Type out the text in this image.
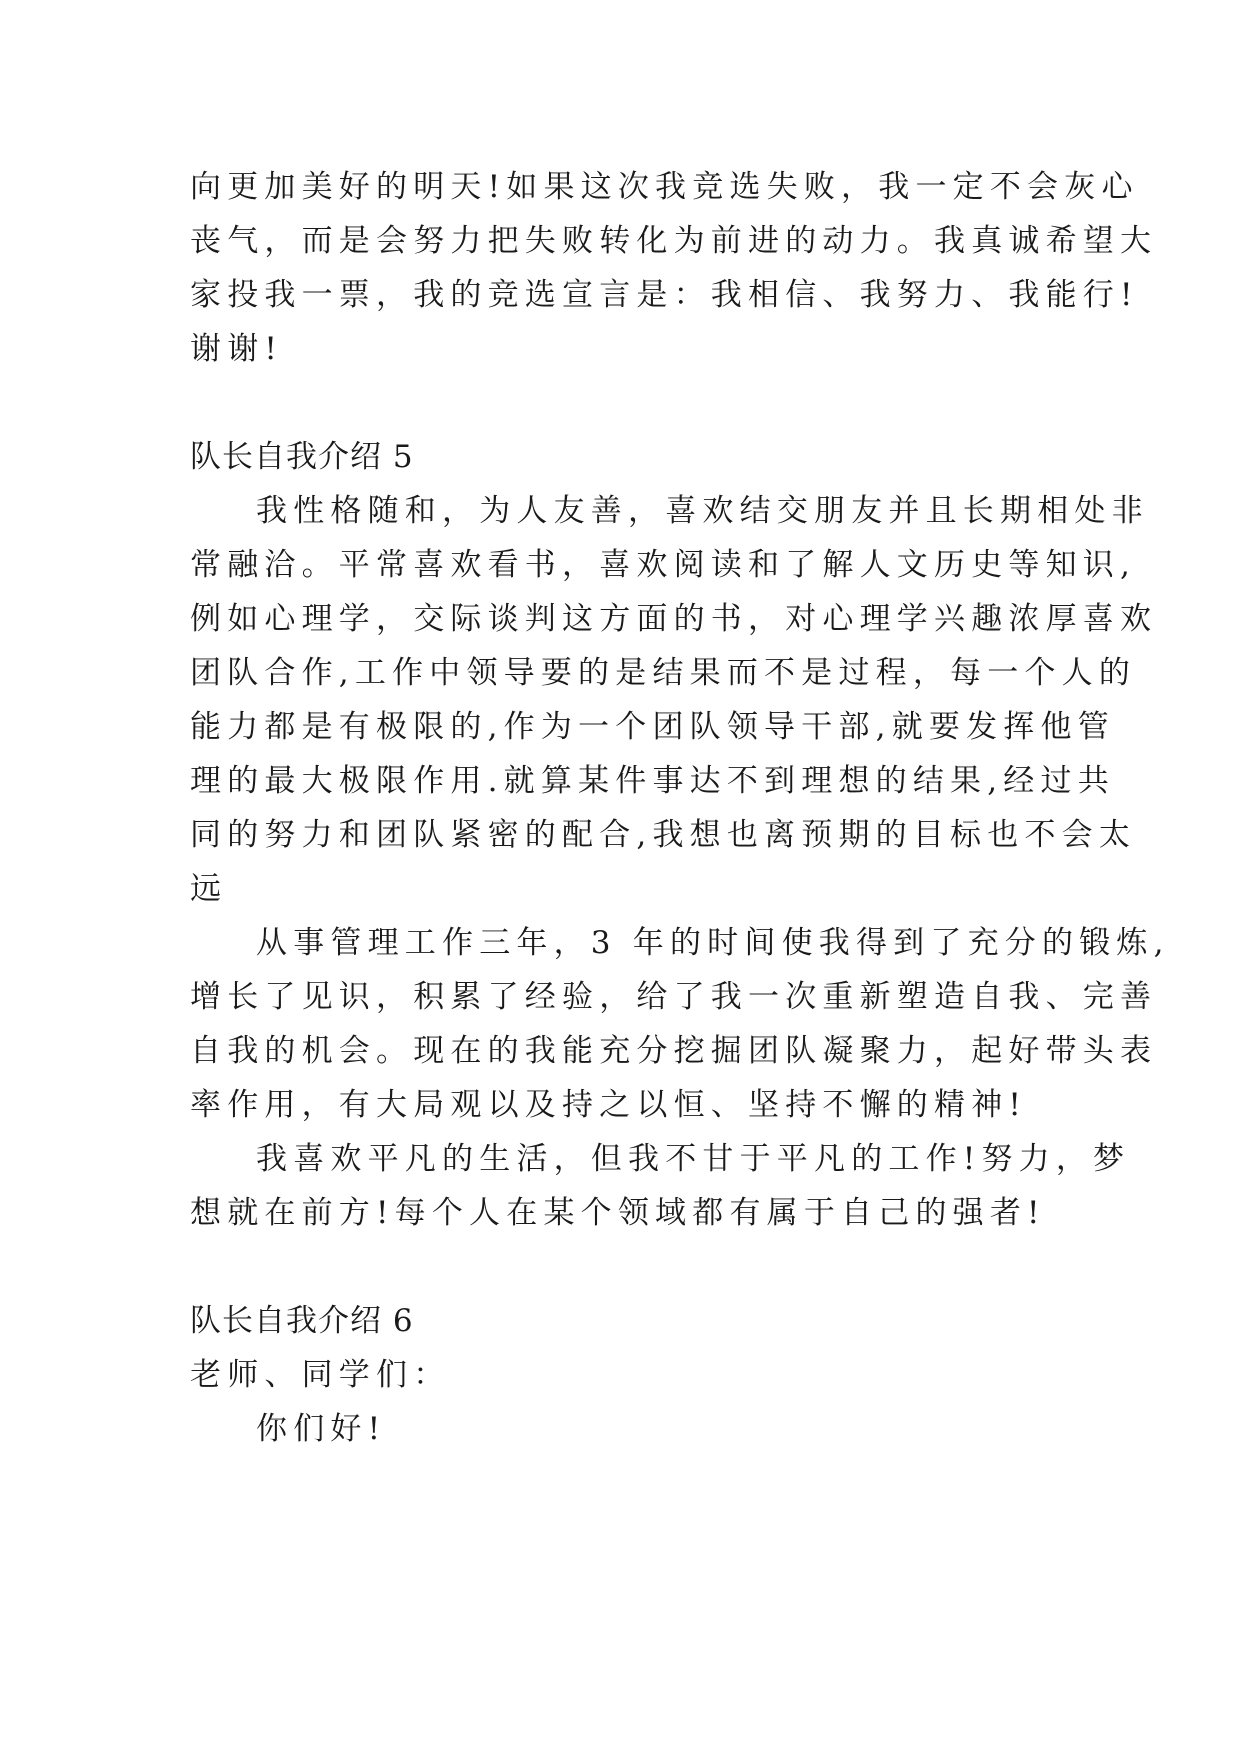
向更加美好的明天!如果这次我竞选失败，我一定不会灰心
丧气，而是会努力把失败转化为前进的动力。我真诚希望大
家投我一票，我的竞选宣言是：我相信、我努力、我能行!
谢谢!
队长自我介绍 5
我性格随和，为人友善，喜欢结交朋友并且长期相处非
常融洽。平常喜欢看书，喜欢阅读和了解人文历史等知识,
例如心理学，交际谈判这方面的书，对心理学兴趣浓厚喜欢
团队合作,工作中领导要的是结果而不是过程，每一个人的
能力都是有极限的,作为一个团队领导干部,就要发挥他管
理的最大极限作用.就算某件事达不到理想的结果,经过共
同的努力和团队紧密的配合,我想也离预期的目标也不会太
远
从事管理工作三年，3 年的时间使我得到了充分的锻炼,
增长了见识，积累了经验，给了我一次重新塑造自我、完善
自我的机会。现在的我能充分挖掘团队凝聚力，起好带头表
率作用，有大局观以及持之以恒、坚持不懈的精神!
我喜欢平凡的生活，但我不甘于平凡的工作!努力，梦
想就在前方!每个人在某个领域都有属于自己的强者!
队长自我介绍 6
老师、同学们：
你们好!
